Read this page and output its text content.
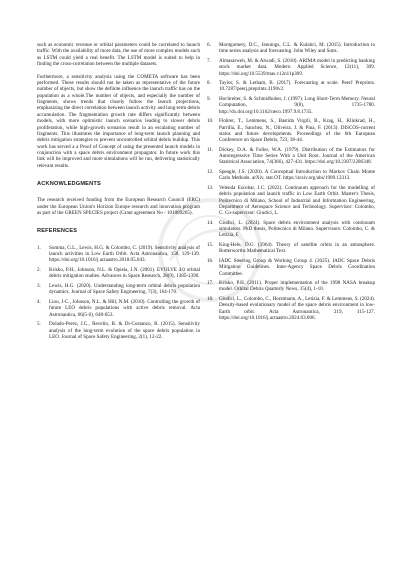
such as economic revenue or orbital parameters could be correlated to launch traffic. With the availability of more data, the use of more complex models such as LSTM could yield a real benefit. The LSTM model is suited to help in finding the cross-correlation between the multiple datasets.

Furthermore, a sensitivity analysis using the COMETA software has been performed. These results should not be taken as representative of the future number of objects, but show the definite influence the launch traffic has on the population as a whole.The number of objects, and especially the number of fragments, shows trends that closely follow the launch projections, emphasizing the direct correlation between launch activity and long-term debris accumulation. The fragmentation growth rate differs significantly between models, with more optimistic launch scenarios leading to slower debris proliferation, while high-growth scenarios result in an escalating number of fragments. This illustrates the importance of long-term launch planning and debris mitigation strategies to prevent uncontrolled orbital debris buildup. This work has served a a Proof of Concept of using the presented launch models in conjunction with a space debris environment propagator. In future work this link will be improved and more simulations will be run, delivering statistically relevant results.

ACKNOWLEDGMENTS

The research received funding from the European Research Council (ERC) under the European Union's Horizon Europe research and innovation program as part of the GREEN SPECIES project (Grant agreement No - 101089265).

REFERENCES
1.	Somma, G.L., Lewis, H.G. & Colombo, C. (2019). Sensitivity analysis of launch activities in Low Earth Orbit. Acta Astronautica, 158, 129-139. https://doi.org/10.1016/j.actaastro.2018.05.043.
2.	Krisko, P.H., Johnson, N.L. & Opiela, J.N. (2001). EVOLVE 4.0 orbital debris mitigation studies. Advances in Space Research, 28(9), 1385-1390.
3.	Lewis, H.G. (2020). Understanding long-term orbital debris population dynamics. Journal of Space Safety Engineering, 7(3), 164-170.
4.	Liou, J-C., Johnson, N.L. & Hill, N.M. (2010). Controlling the growth of future LEO debris populations with active debris removal. Acta Astronautica, 66(5-6), 648-653.
5.	Dolado-Perez, J.C., Revelin, B. & Di-Costanzo, R. (2015). Sensitivity analysis of the long-term evolution of the space debris population in LEO. Journal of Space Safety Engineering, 2(1), 12-22.
6.	Montgomery, D.C., Jennings, C.L. & Kulahci, M. (2015). Introduction to time series analysis and forecasting. John Wiley and Sons.
7.	Almasarweh, M. & Alwadi, S. (2018). ARIMA model in predicting banking stock market data. Modern Applied Science, 12(11), 309. https://doi.org/10.5539/mas.v12n11p309.
8.	Taylor, S. & Letham, B. (2017). Forecasting at scale. PeerJ Preprints. 10.7287/peerj.preprints.3190v2.
9.	Hochreiter, S. & Schmidhuber, J. (1997). Long Short-Term Memory. Neural Computation, 9(8), 1735-1780. http://dx.doi.org/10.1162/neco.1997.9.8.1735.
10.	Flohrer, T., Lemmens, S., Bastida Virgili, B., Krag, H., Klinkrad, H., Parrilla, E., Sanchez, N., Oliveira, J. & Pina, F. (2013). DISCOS-current status and future developments. Proceedings of the 6th European Conference on Space Debris, 723, 38-44.
11.	Dickey, D.A. & Fuller, W.A. (1979). Distribution of the Estimators for Autoregressive Time Series With a Unit Root. Journal of the American Statistical Association, 74(366), 427-431. https://doi.org/10.2307/2286348.
12.	Speagle, J.S. (2020). A Conceptual Introduction to Markov Chain Monte Carlo Methods. arXiv, stat.OT. https://arxiv.org/abs/1909.12313.
13.	Velenda Escobar, J.C. (2022). Continuum approach for the modelling of debris population and launch traffic in Low Earth Orbit. Master's Thesis, Politecnico di Milano, School of Industrial and Information Engineering, Department of Aerospace Science and Technology. Supervisor: Colombo, C. Co-supervisor: Giudici, L.
14.	Giudici, L. (2024). Space debris environment analysis with continuum simulators. PhD thesis, Politecnico di Milano. Supervisors: Colombo, C. & Letizia, F.
15.	King-Hele, D.G. (1964). Theory of satellite orbits in an atmosphere. Butterworths Mathematical Text.
16.	IADC Steering Group & Working Group 4. (2025). IADC Space Debris Mitigation Guidelines. Inter-Agency Space Debris Coordination Committee.
17.	Krisko, P.H. (2011). Proper implementation of the 1998 NASA breakup model. Orbital Debris Quarterly News, 15(4), 1-10.
18.	Giudici, L., Colombo, C., Horstmann, A., Letizia, F. & Lemmens, S. (2024). Density-based evolutionary model of the space debris environment in low-Earth orbit. Acta Astronautica, 219, 115-127. https://doi.org/10.1016/j.actaastro.2024.03.006.
